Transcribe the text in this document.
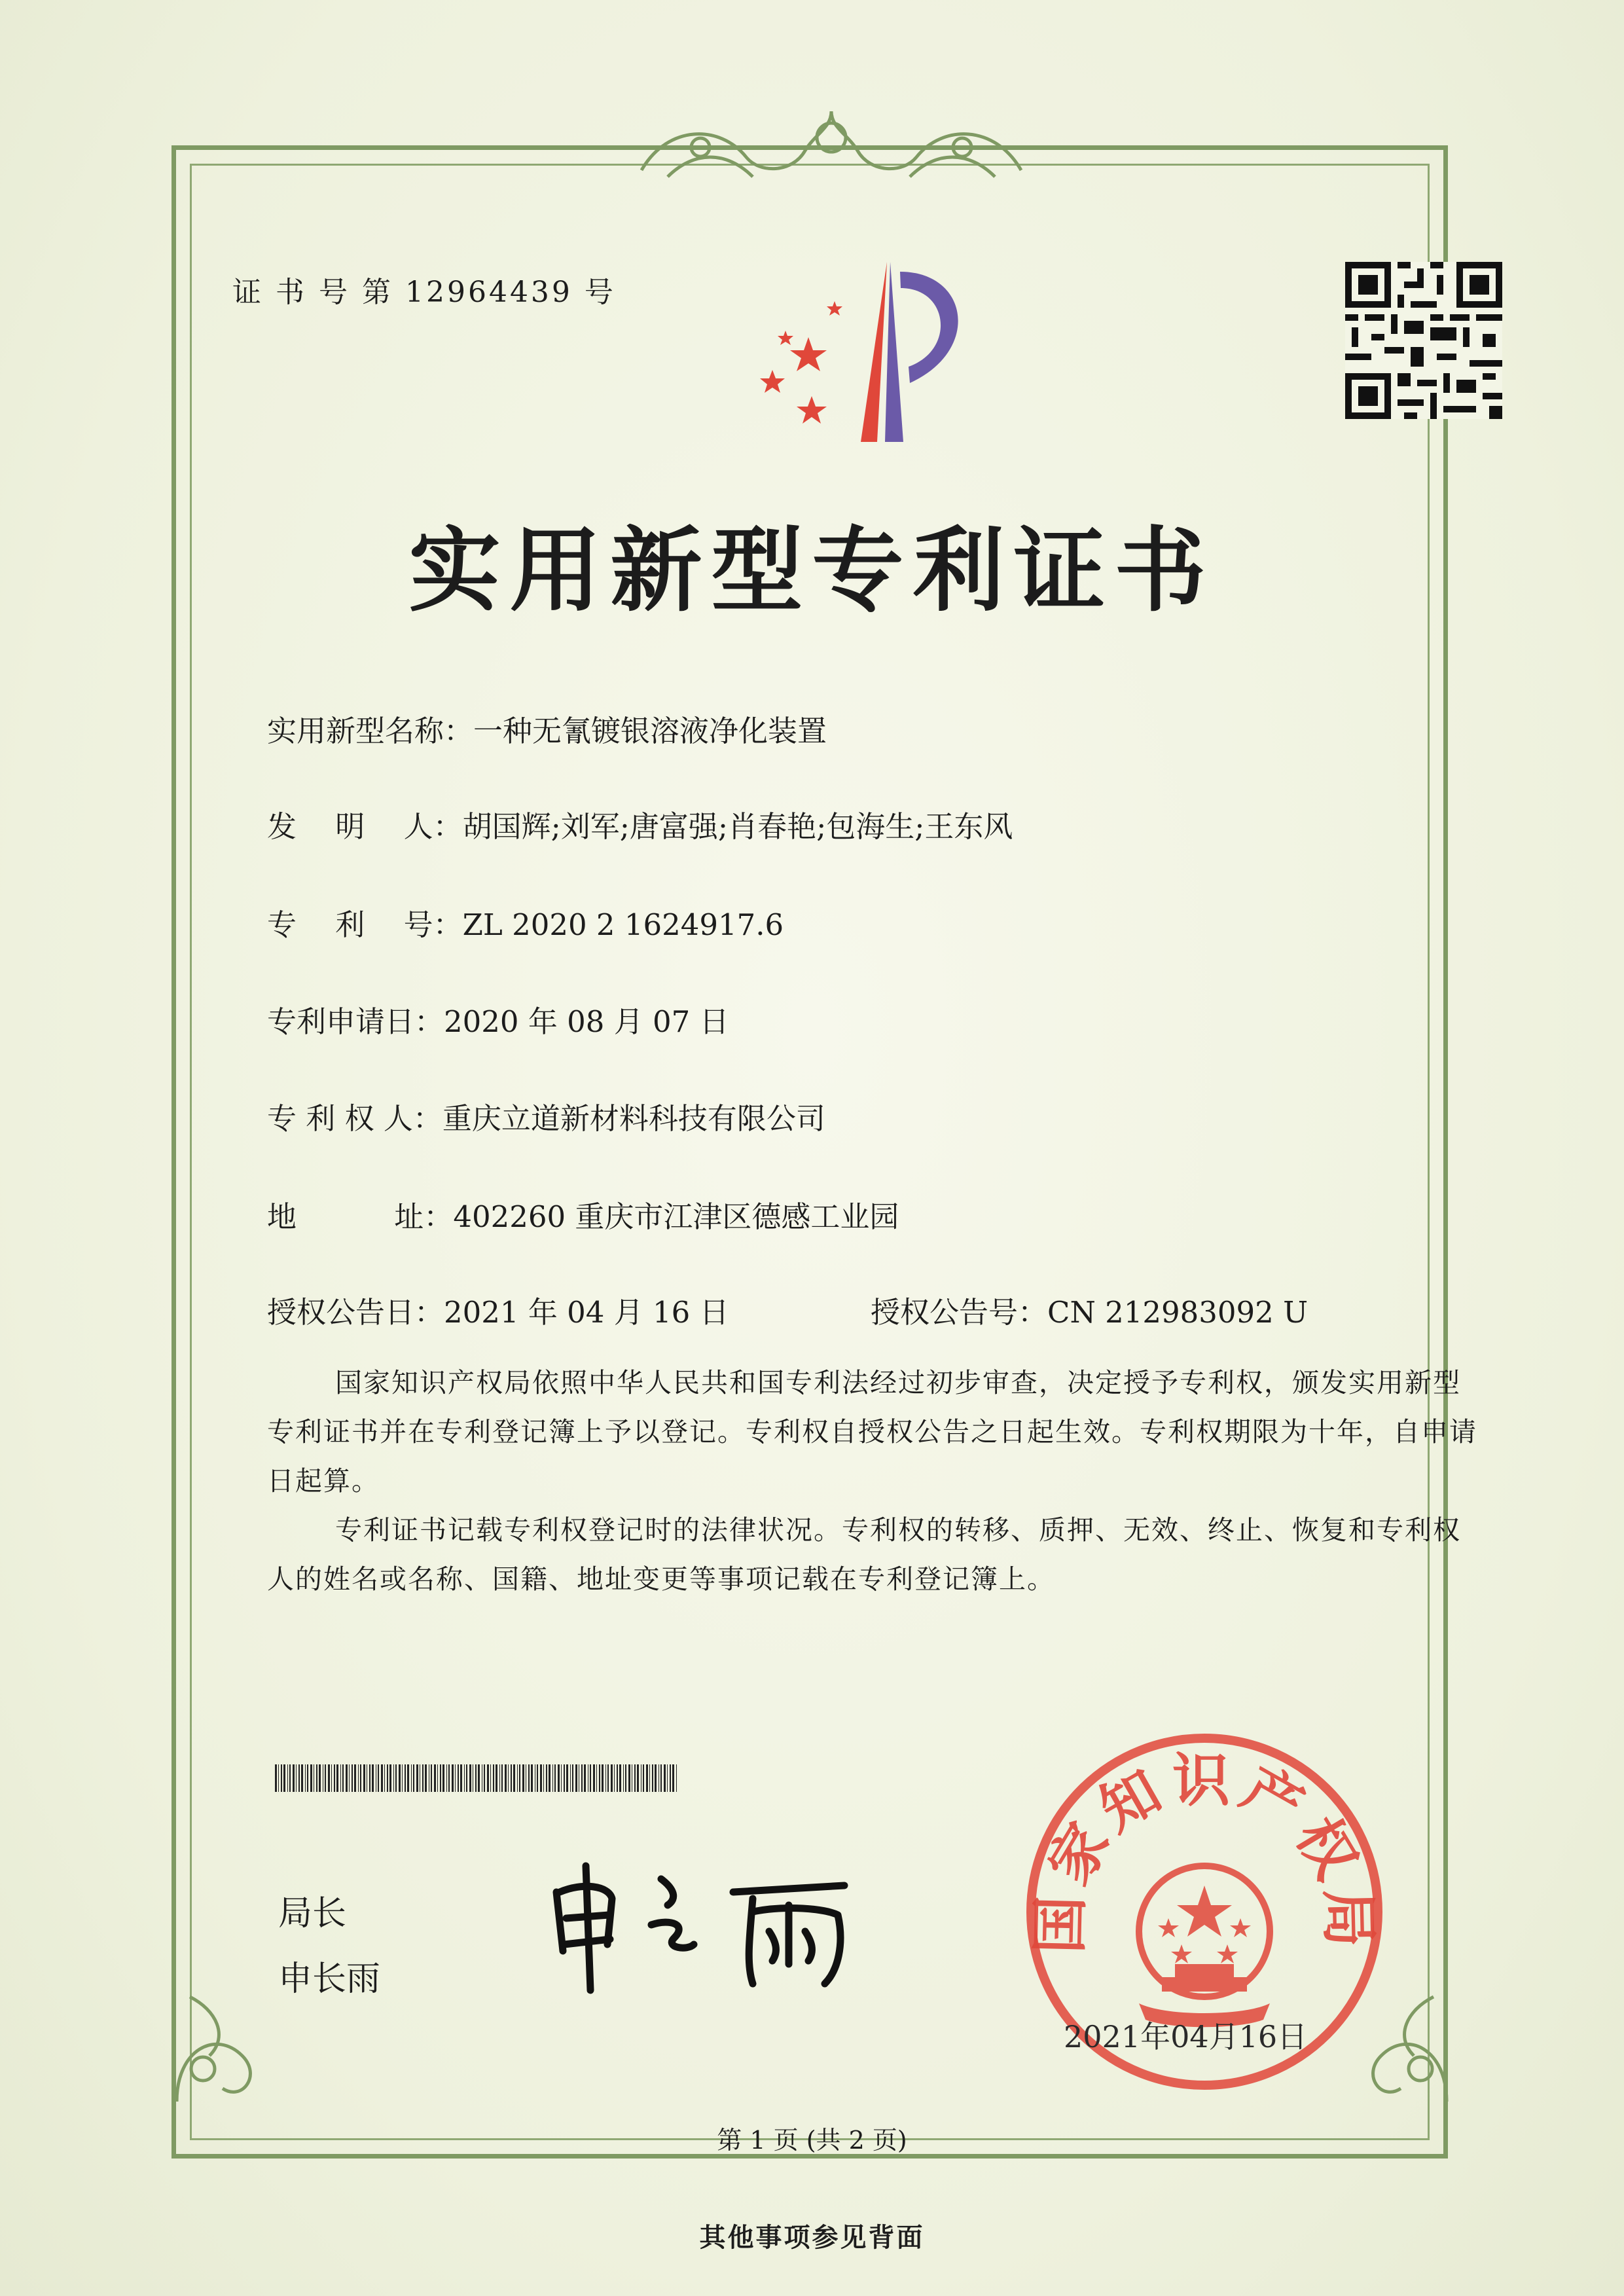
证 书 号 第 12964439 号
实用新型专利证书
实用新型名称：一种无氰镀银溶液净化装置
发　 明　 人：胡国辉;刘军;唐富强;肖春艳;包海生;王东风
专　 利　 号：ZL 2020 2 1624917.6
专利申请日：2020 年 08 月 07 日
专 利 权 人：重庆立道新材料科技有限公司
地　　　 址：402260 重庆市江津区德感工业园
授权公告日：2021 年 04 月 16 日	授权公告号：CN 212983092 U

国家知识产权局依照中华人民共和国专利法经过初步审查，决定授予专利权，颁发实用新型专利证书并在专利登记簿上予以登记。专利权自授权公告之日起生效。专利权期限为十年，自申请日起算。

专利证书记载专利权登记时的法律状况。专利权的转移、质押、无效、终止、恢复和专利权人的姓名或名称、国籍、地址变更等事项记载在专利登记簿上。

局长
申长雨
国家知识产权局
2021年04月16日
第 1 页 (共 2 页)
其他事项参见背面
